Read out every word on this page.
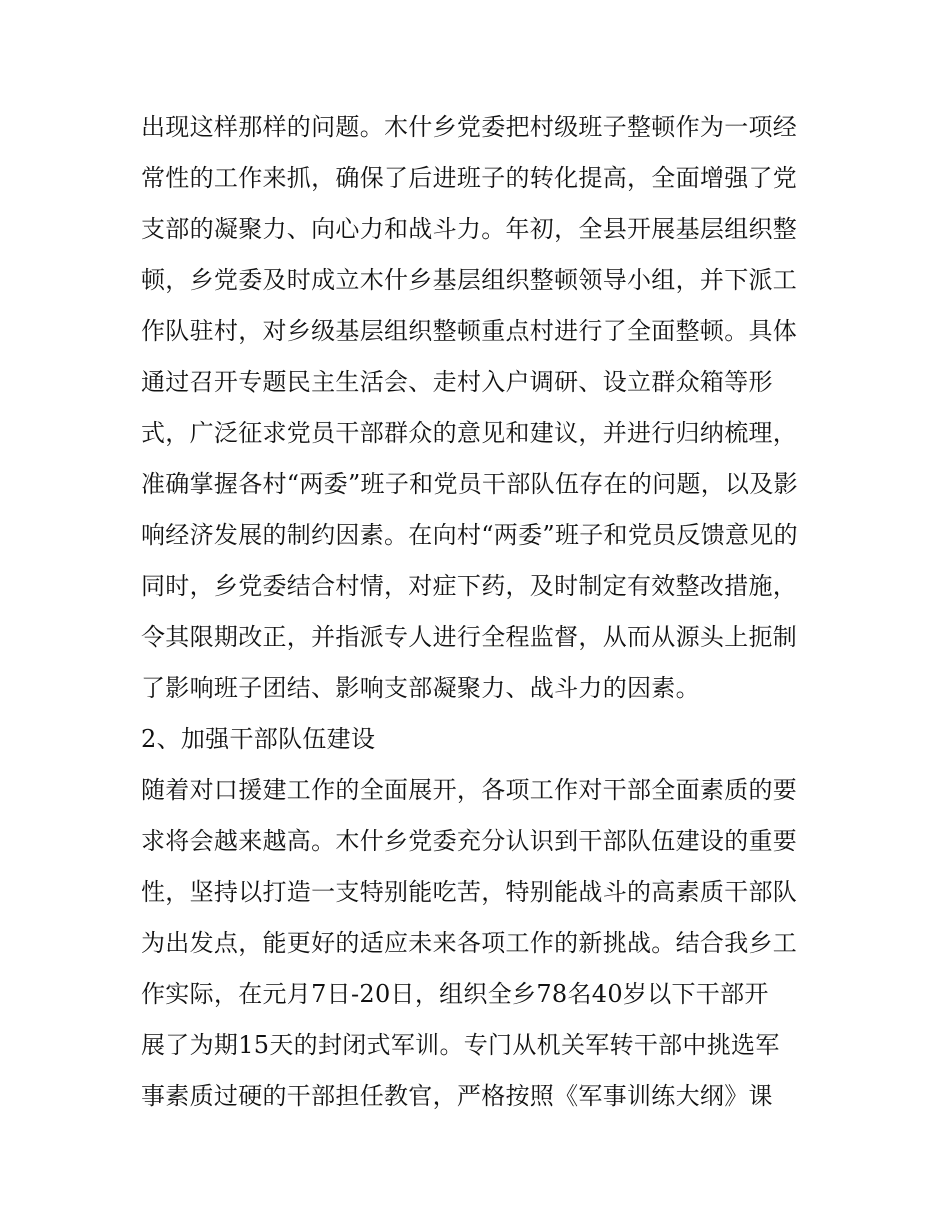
出现这样那样的问题。木什乡党委把村级班子整顿作为一项经
常性的工作来抓，确保了后进班子的转化提高，全面增强了党
支部的凝聚力、向心力和战斗力。年初，全县开展基层组织整
顿，乡党委及时成立木什乡基层组织整顿领导小组，并下派工
作队驻村，对乡级基层组织整顿重点村进行了全面整顿。具体
通过召开专题民主生活会、走村入户调研、设立群众箱等形
式，广泛征求党员干部群众的意见和建议，并进行归纳梳理，
准确掌握各村“两委”班子和党员干部队伍存在的问题，以及影
响经济发展的制约因素。在向村“两委”班子和党员反馈意见的
同时，乡党委结合村情，对症下药，及时制定有效整改措施，
令其限期改正，并指派专人进行全程监督，从而从源头上扼制
了影响班子团结、影响支部凝聚力、战斗力的因素。
2、加强干部队伍建设
随着对口援建工作的全面展开，各项工作对干部全面素质的要
求将会越来越高。木什乡党委充分认识到干部队伍建设的重要
性，坚持以打造一支特别能吃苦，特别能战斗的高素质干部队
为出发点，能更好的适应未来各项工作的新挑战。结合我乡工
作实际，在元月7日-20日，组织全乡78名40岁以下干部开
展了为期15天的封闭式军训。专门从机关军转干部中挑选军
事素质过硬的干部担任教官，严格按照《军事训练大纲》课
